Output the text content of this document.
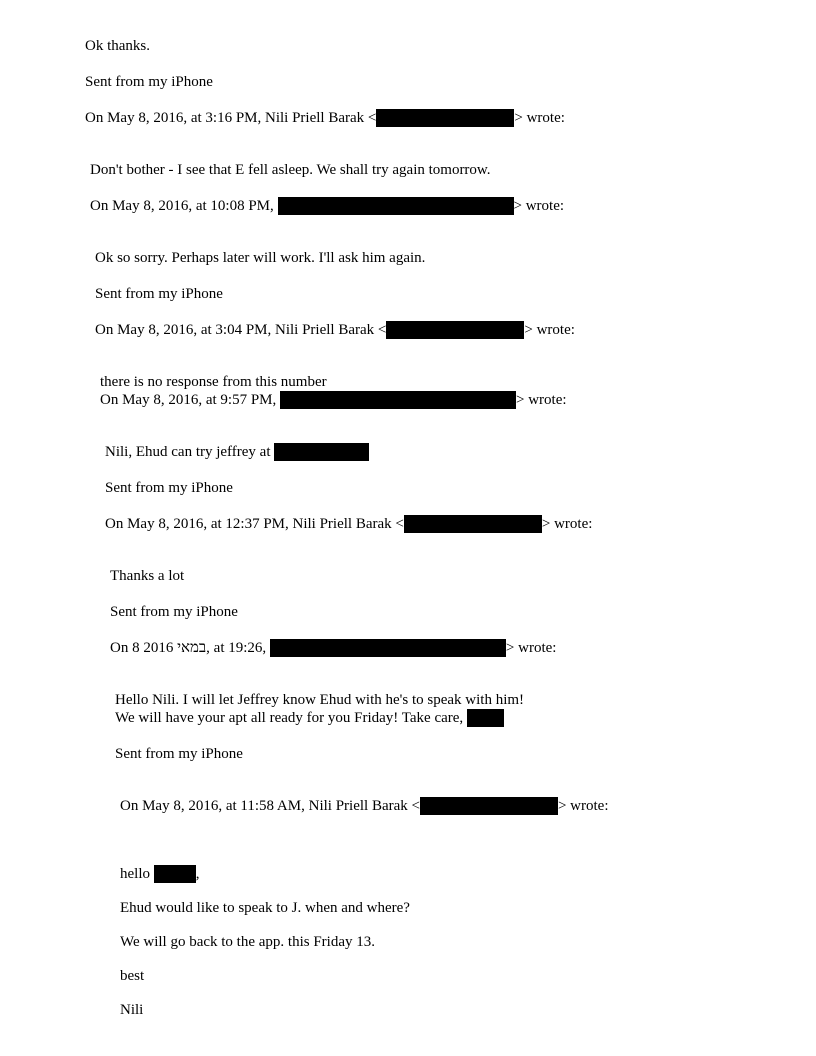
Ok thanks.
Sent from my iPhone
On May 8, 2016, at 3:16 PM, Nili Priell Barak <	> wrote:
Don't bother - I see that E fell asleep. We shall try again tomorrow.
On May 8, 2016, at 10:08 PM,	> wrote:
Ok so sorry. Perhaps later will work. I'll ask him again.
Sent from my iPhone
On May 8, 2016, at 3:04 PM, Nili Priell Barak <	> wrote:
there is no response from this number
On May 8, 2016, at 9:57 PM,	> wrote:
Nili, Ehud can try jeffrey at
Sent from my iPhone
On May 8, 2016, at 12:37 PM, Nili Priell Barak <	> wrote:
Thanks a lot
Sent from my iPhone
On 8 2016 במאי, at 19:26,	> wrote:
Hello Nili. I will let Jeffrey know Ehud with he's to speak with him!
We will have your apt all ready for you Friday! Take care,
Sent from my iPhone
On May 8, 2016, at 11:58 AM, Nili Priell Barak <	> wrote:
hello	,
Ehud would like to speak to J. when and where?
We will go back to the app. this Friday 13.
best
Nili
